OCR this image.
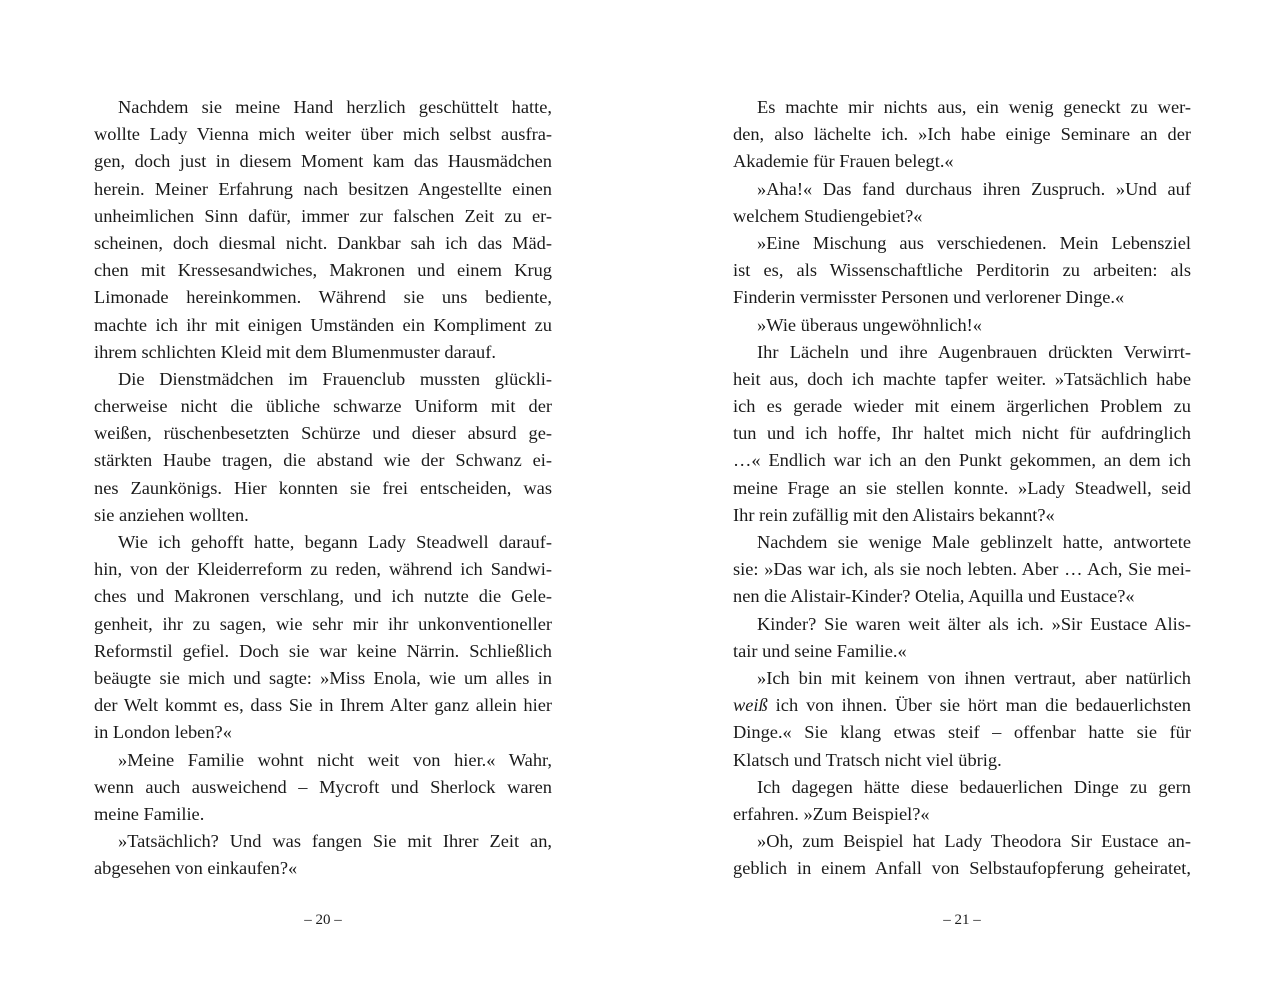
Nachdem sie meine Hand herzlich geschüttelt hatte,
wollte Lady Vienna mich weiter über mich selbst ausfra-
gen, doch just in diesem Moment kam das Hausmädchen
herein. Meiner Erfahrung nach besitzen Angestellte einen
unheimlichen Sinn dafür, immer zur falschen Zeit zu er-
scheinen, doch diesmal nicht. Dankbar sah ich das Mäd-
chen mit Kressesandwiches, Makronen und einem Krug
Limonade hereinkommen. Während sie uns bediente,
machte ich ihr mit einigen Umständen ein Kompliment zu
ihrem schlichten Kleid mit dem Blumenmuster darauf.
Die Dienstmädchen im Frauenclub mussten glückli-
cherweise nicht die übliche schwarze Uniform mit der
weißen, rüschenbesetzten Schürze und dieser absurd ge-
stärkten Haube tragen, die abstand wie der Schwanz ei-
nes Zaunkönigs. Hier konnten sie frei entscheiden, was
sie anziehen wollten.
Wie ich gehofft hatte, begann Lady Steadwell darauf-
hin, von der Kleiderreform zu reden, während ich Sandwi-
ches und Makronen verschlang, und ich nutzte die Gele-
genheit, ihr zu sagen, wie sehr mir ihr unkonventioneller
Reformstil gefiel. Doch sie war keine Närrin. Schließlich
beäugte sie mich und sagte: »Miss Enola, wie um alles in
der Welt kommt es, dass Sie in Ihrem Alter ganz allein hier
in London leben?«
»Meine Familie wohnt nicht weit von hier.« Wahr,
wenn auch ausweichend – Mycroft und Sherlock waren
meine Familie.
»Tatsächlich? Und was fangen Sie mit Ihrer Zeit an,
abgesehen von einkaufen?«
– 20 –
Es machte mir nichts aus, ein wenig geneckt zu wer-
den, also lächelte ich. »Ich habe einige Seminare an der
Akademie für Frauen belegt.«
»Aha!« Das fand durchaus ihren Zuspruch. »Und auf
welchem Studiengebiet?«
»Eine Mischung aus verschiedenen. Mein Lebensziel
ist es, als Wissenschaftliche Perditorin zu arbeiten: als
Finderin vermisster Personen und verlorener Dinge.«
»Wie überaus ungewöhnlich!«
Ihr Lächeln und ihre Augenbrauen drückten Verwirrt-
heit aus, doch ich machte tapfer weiter. »Tatsächlich habe
ich es gerade wieder mit einem ärgerlichen Problem zu
tun und ich hoffe, Ihr haltet mich nicht für aufdringlich
…« Endlich war ich an den Punkt gekommen, an dem ich
meine Frage an sie stellen konnte. »Lady Steadwell, seid
Ihr rein zufällig mit den Alistairs bekannt?«
Nachdem sie wenige Male geblinzelt hatte, antwortete
sie: »Das war ich, als sie noch lebten. Aber … Ach, Sie mei-
nen die Alistair-Kinder? Otelia, Aquilla und Eustace?«
Kinder? Sie waren weit älter als ich. »Sir Eustace Alis-
tair und seine Familie.«
»Ich bin mit keinem von ihnen vertraut, aber natürlich
weiß ich von ihnen. Über sie hört man die bedauerlichsten
Dinge.« Sie klang etwas steif – offenbar hatte sie für
Klatsch und Tratsch nicht viel übrig.
Ich dagegen hätte diese bedauerlichen Dinge zu gern
erfahren. »Zum Beispiel?«
»Oh, zum Beispiel hat Lady Theodora Sir Eustace an-
geblich in einem Anfall von Selbstaufopferung geheiratet,
– 21 –
